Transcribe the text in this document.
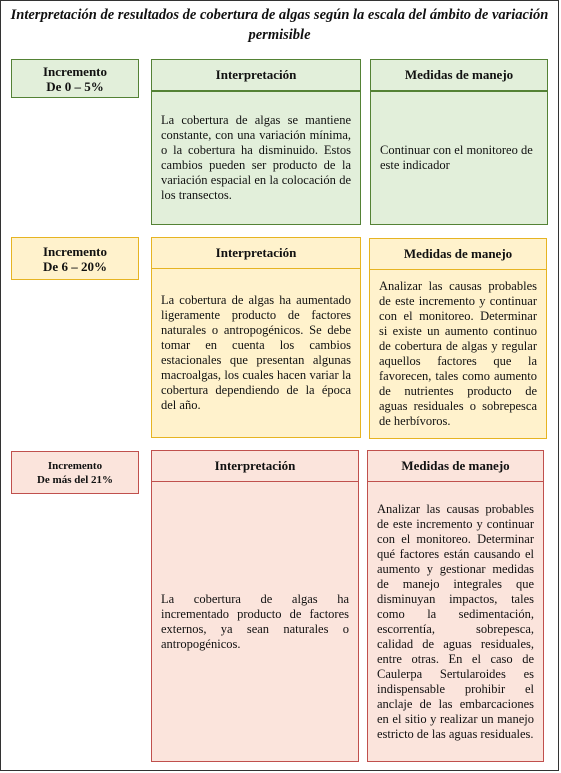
Interpretación de resultados de cobertura de algas según la escala del ámbito de variación permisible
Incremento
De 0 – 5%
Interpretación

La cobertura de algas se mantiene constante, con una variación mínima, o la cobertura ha disminuido. Estos cambios pueden ser producto de la variación espacial en la colocación de los transectos.

Medidas de manejo

Continuar con el monitoreo de este indicador

Incremento
De 6 – 20%
Interpretación

La cobertura de algas ha aumentado ligeramente producto de factores naturales o antropogénicos. Se debe tomar en cuenta los cambios estacionales que presentan algunas macroalgas, los cuales hacen variar la cobertura dependiendo de la época del año.

Medidas de manejo

Analizar las causas probables de este incremento y continuar con el monitoreo. Determinar si existe un aumento continuo de cobertura de algas y regular aquellos factores que la favorecen, tales como aumento de nutrientes producto de aguas residuales o sobrepesca de herbívoros.

Incremento
De más del 21%
Interpretación

La cobertura de algas ha incrementado producto de factores externos, ya sean naturales o antropogénicos.

Medidas de manejo

Analizar las causas probables de este incremento y continuar con el monitoreo. Determinar qué factores están causando el aumento y gestionar medidas de manejo integrales que disminuyan impactos, tales como la sedimentación, escorrentía, sobrepesca, calidad de aguas residuales, entre otras. En el caso de Caulerpa Sertularoides es indispensable prohibir el anclaje de las embarcaciones en el sitio y realizar un manejo estricto de las aguas residuales.
